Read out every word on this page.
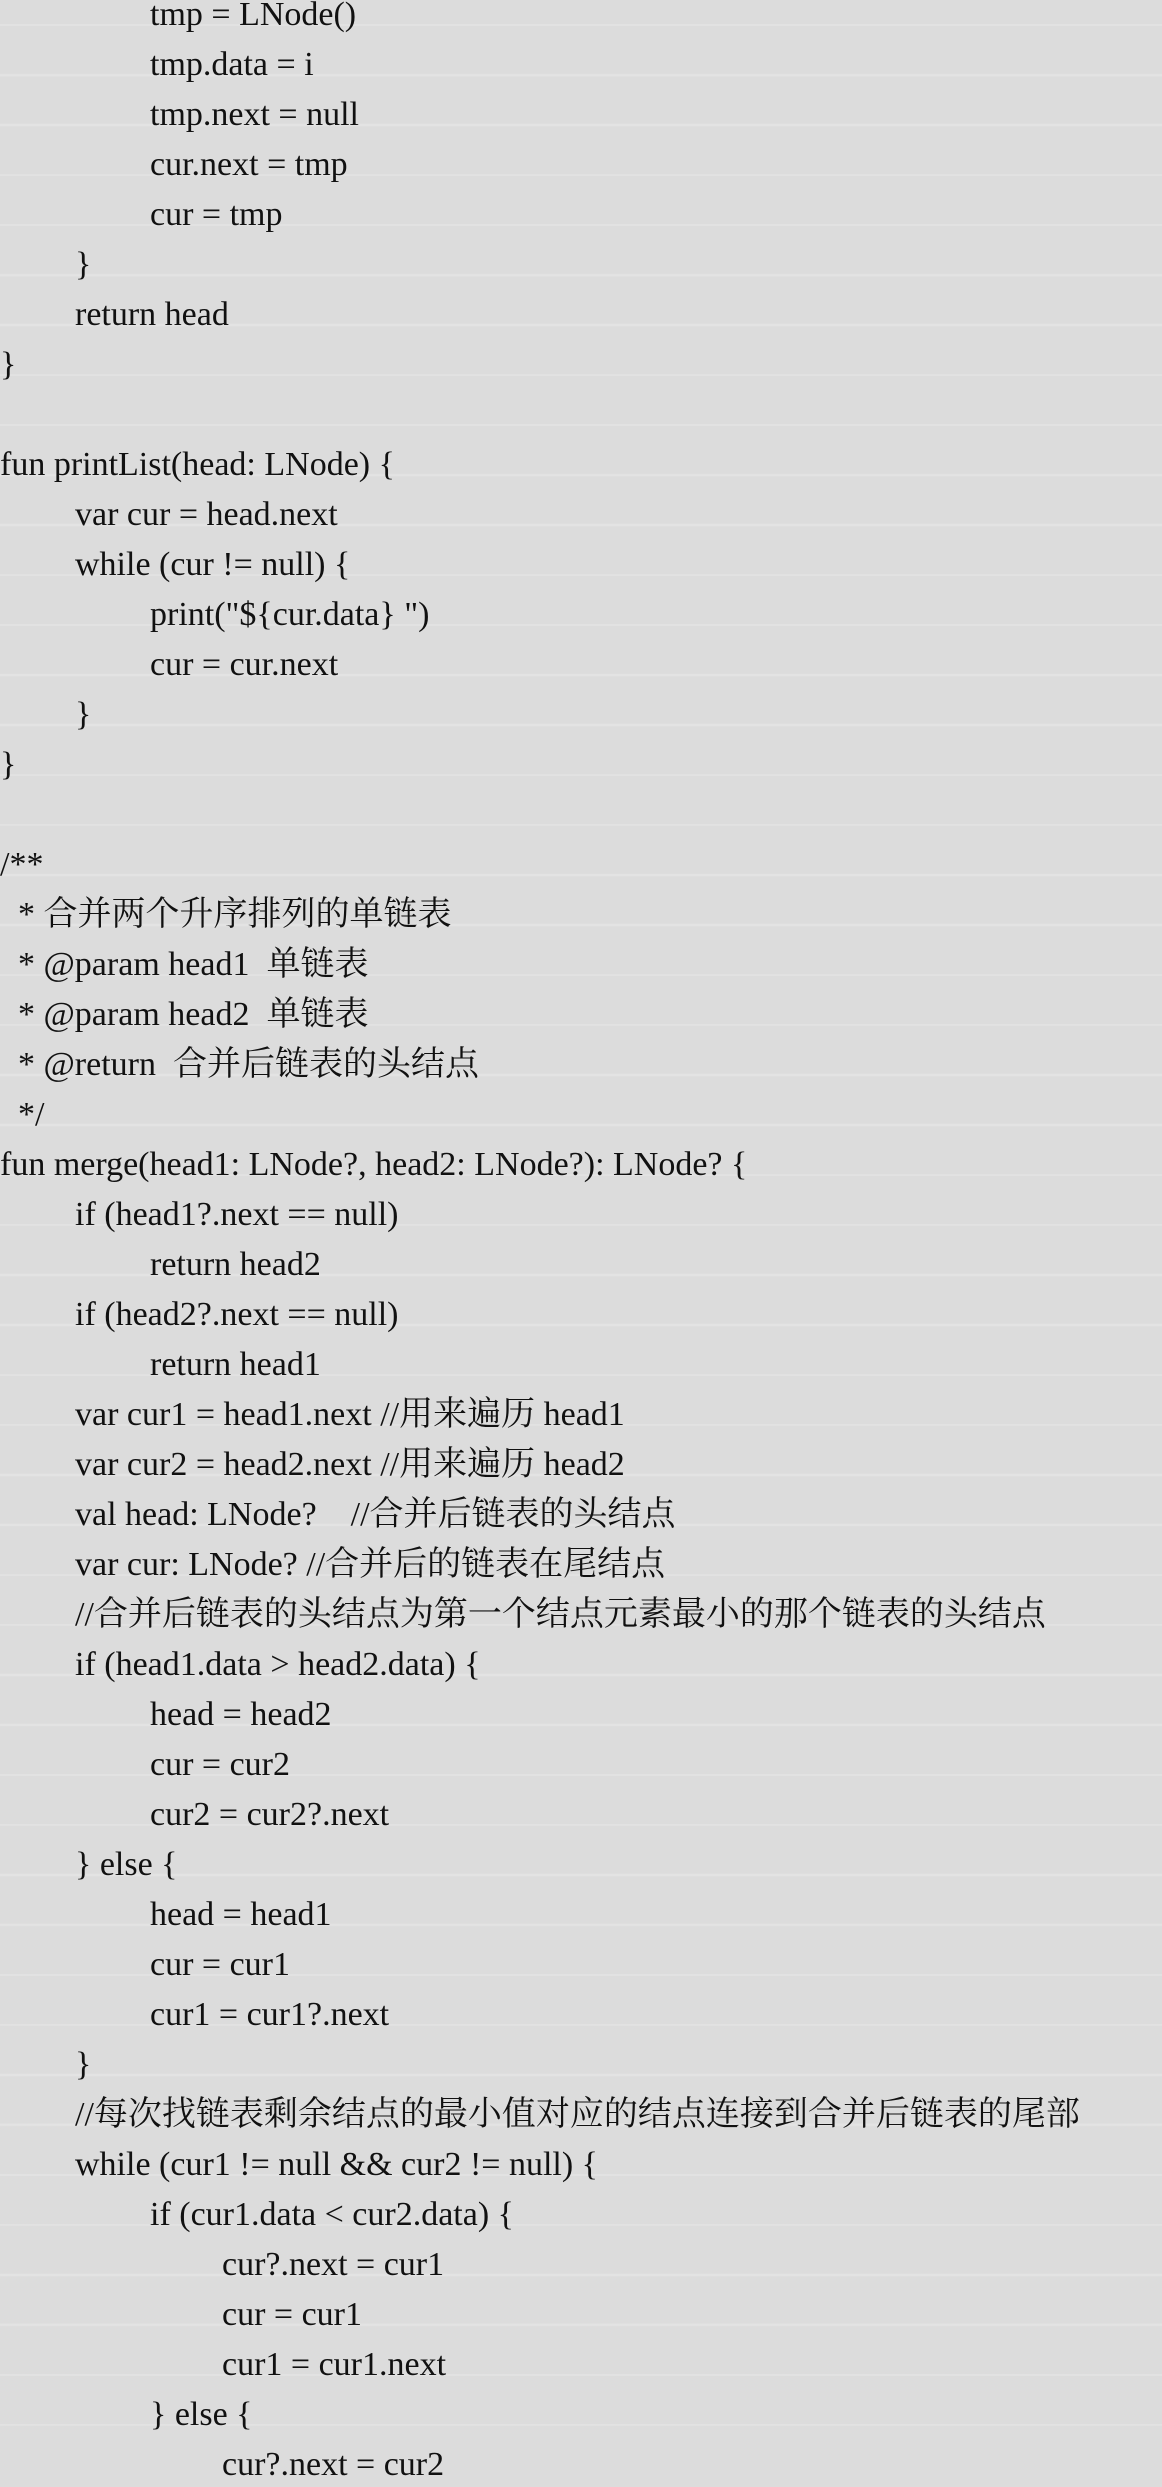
tmp = LNode()
tmp.data = i
tmp.next = null
cur.next = tmp
cur = tmp
}
return head
}
fun printList(head: LNode) {
var cur = head.next
while (cur != null) {
print("${cur.data} ")
cur = cur.next
}
}
/**
* 合并两个升序排列的单链表
* @param head1  单链表
* @param head2  单链表
* @return  合并后链表的头结点
*/
fun merge(head1: LNode?, head2: LNode?): LNode? {
if (head1?.next == null)
return head2
if (head2?.next == null)
return head1
var cur1 = head1.next //用来遍历 head1
var cur2 = head2.next //用来遍历 head2
val head: LNode?    //合并后链表的头结点
var cur: LNode? //合并后的链表在尾结点
//合并后链表的头结点为第一个结点元素最小的那个链表的头结点
if (head1.data > head2.data) {
head = head2
cur = cur2
cur2 = cur2?.next
} else {
head = head1
cur = cur1
cur1 = cur1?.next
}
//每次找链表剩余结点的最小值对应的结点连接到合并后链表的尾部
while (cur1 != null && cur2 != null) {
if (cur1.data < cur2.data) {
cur?.next = cur1
cur = cur1
cur1 = cur1.next
} else {
cur?.next = cur2
